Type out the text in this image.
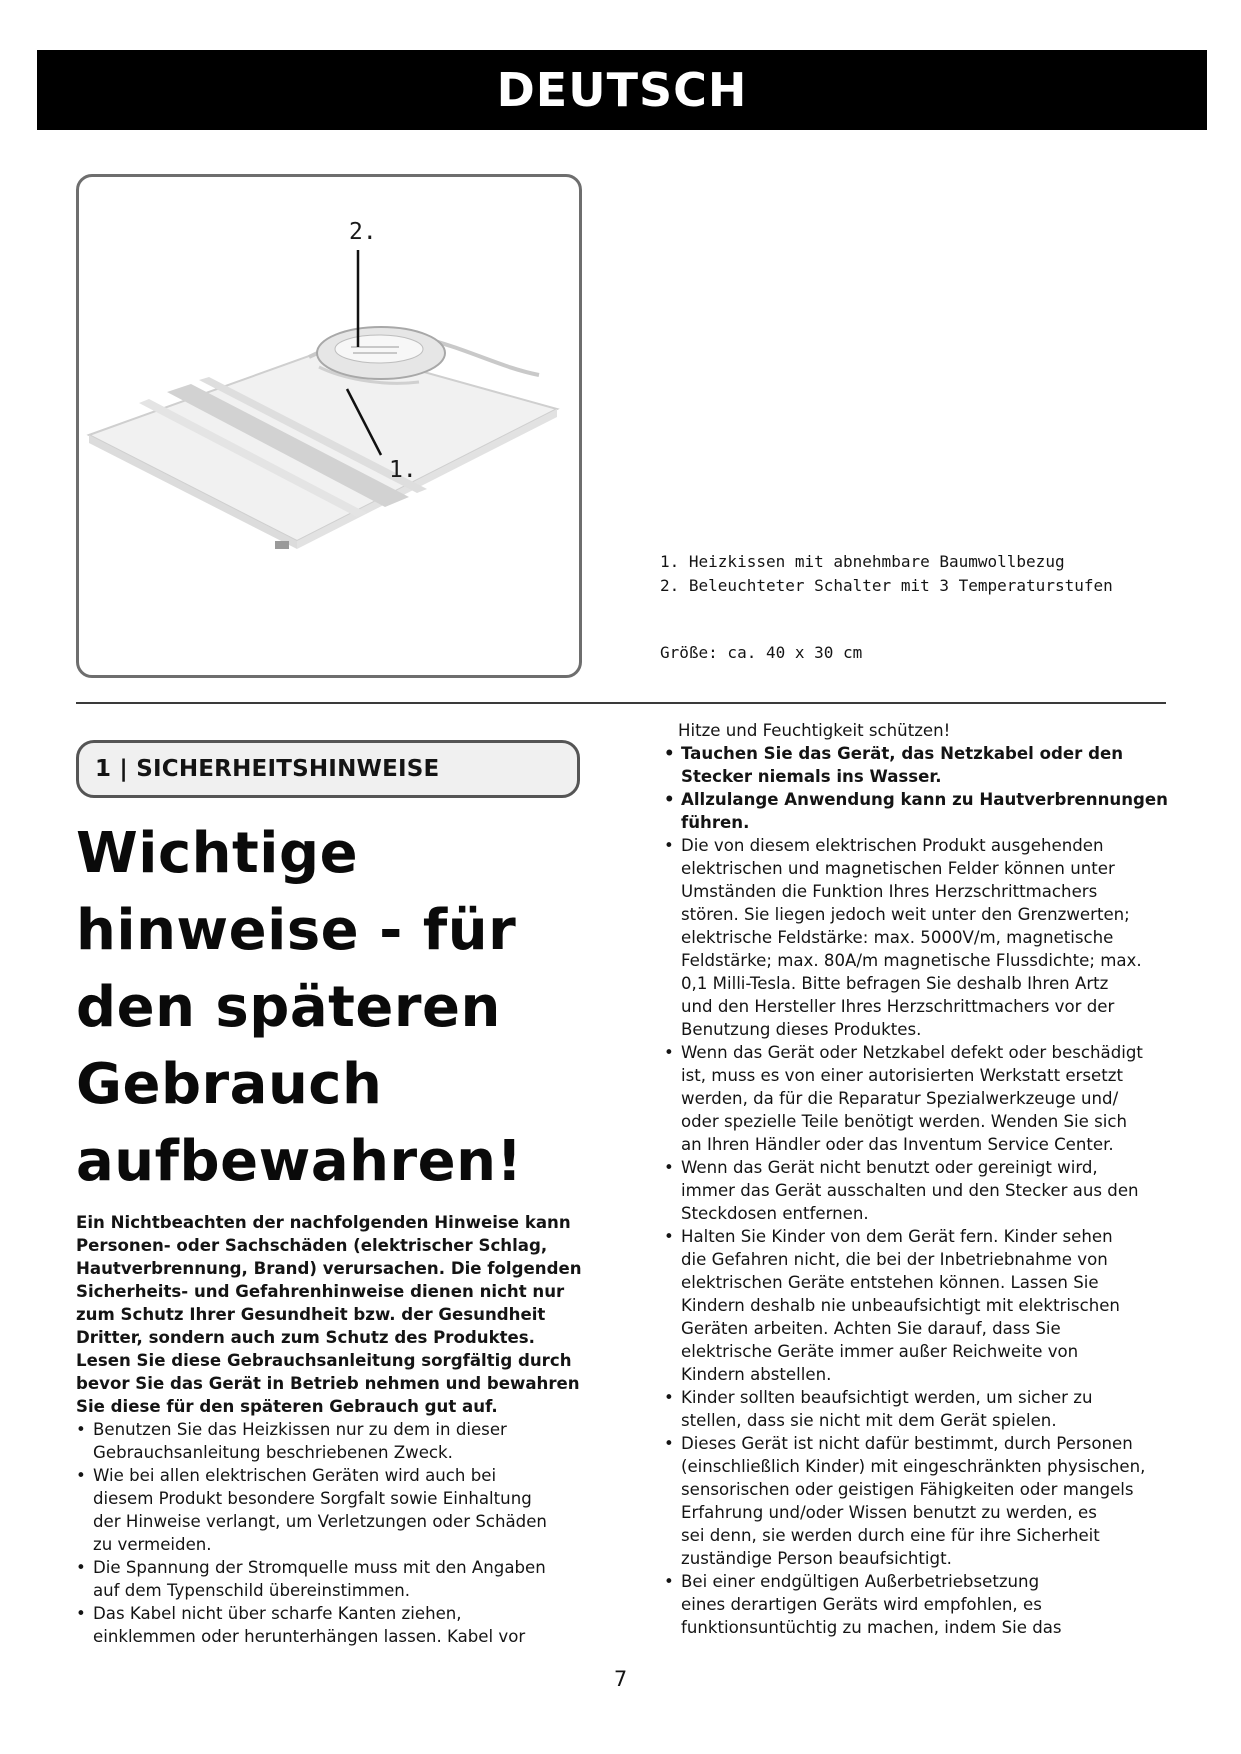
DEUTSCH
2.
1.
1. Heizkissen mit abnehmbare Baumwollbezug
2. Beleuchteter Schalter mit 3 Temperaturstufen
Größe: ca. 40 x 30 cm
1 | SICHERHEITSHINWEISE
Wichtige
hinweise - für
den späteren
Gebrauch
aufbewahren!
Ein Nichtbeachten der nachfolgenden Hinweise kann
Personen- oder Sachschäden (elektrischer Schlag,
Hautverbrennung, Brand) verursachen. Die folgenden
Sicherheits- und Gefahrenhinweise dienen nicht nur
zum Schutz Ihrer Gesundheit bzw. der Gesundheit
Dritter, sondern auch zum Schutz des Produktes.
Lesen Sie diese Gebrauchsanleitung sorgfältig durch
bevor Sie das Gerät in Betrieb nehmen und bewahren
Sie diese für den späteren Gebrauch gut auf.
• Benutzen Sie das Heizkissen nur zu dem in dieser
Gebrauchsanleitung beschriebenen Zweck.
• Wie bei allen elektrischen Geräten wird auch bei
diesem Produkt besondere Sorgfalt sowie Einhaltung
der Hinweise verlangt, um Verletzungen oder Schäden
zu vermeiden.
• Die Spannung der Stromquelle muss mit den Angaben
auf dem Typenschild übereinstimmen.
• Das Kabel nicht über scharfe Kanten ziehen,
einklemmen oder herunterhängen lassen. Kabel vor
Hitze und Feuchtigkeit schützen!
• Tauchen Sie das Gerät, das Netzkabel oder den
Stecker niemals ins Wasser.
• Allzulange Anwendung kann zu Hautverbrennungen
führen.
• Die von diesem elektrischen Produkt ausgehenden
elektrischen und magnetischen Felder können unter
Umständen die Funktion Ihres Herzschrittmachers
stören. Sie liegen jedoch weit unter den Grenzwerten;
elektrische Feldstärke: max. 5000V/m, magnetische
Feldstärke; max. 80A/m magnetische Flussdichte; max.
0,1 Milli-Tesla. Bitte befragen Sie deshalb Ihren Artz
und den Hersteller Ihres Herzschrittmachers vor der
Benutzung dieses Produktes.
• Wenn das Gerät oder Netzkabel defekt oder beschädigt
ist, muss es von einer autorisierten Werkstatt ersetzt
werden, da für die Reparatur Spezialwerkzeuge und/
oder spezielle Teile benötigt werden. Wenden Sie sich
an Ihren Händler oder das Inventum Service Center.
• Wenn das Gerät nicht benutzt oder gereinigt wird,
immer das Gerät ausschalten und den Stecker aus den
Steckdosen entfernen.
• Halten Sie Kinder von dem Gerät fern. Kinder sehen
die Gefahren nicht, die bei der Inbetriebnahme von
elektrischen Geräte entstehen können. Lassen Sie
Kindern deshalb nie unbeaufsichtigt mit elektrischen
Geräten arbeiten. Achten Sie darauf, dass Sie
elektrische Geräte immer außer Reichweite von
Kindern abstellen.
• Kinder sollten beaufsichtigt werden, um sicher zu
stellen, dass sie nicht mit dem Gerät spielen.
• Dieses Gerät ist nicht dafür bestimmt, durch Personen
(einschließlich Kinder) mit eingeschränkten physischen,
sensorischen oder geistigen Fähigkeiten oder mangels
Erfahrung und/oder Wissen benutzt zu werden, es
sei denn, sie werden durch eine für ihre Sicherheit
zuständige Person beaufsichtigt.
• Bei einer endgültigen Außerbetriebsetzung
eines derartigen Geräts wird empfohlen, es
funktionsuntüchtig zu machen, indem Sie das
7
